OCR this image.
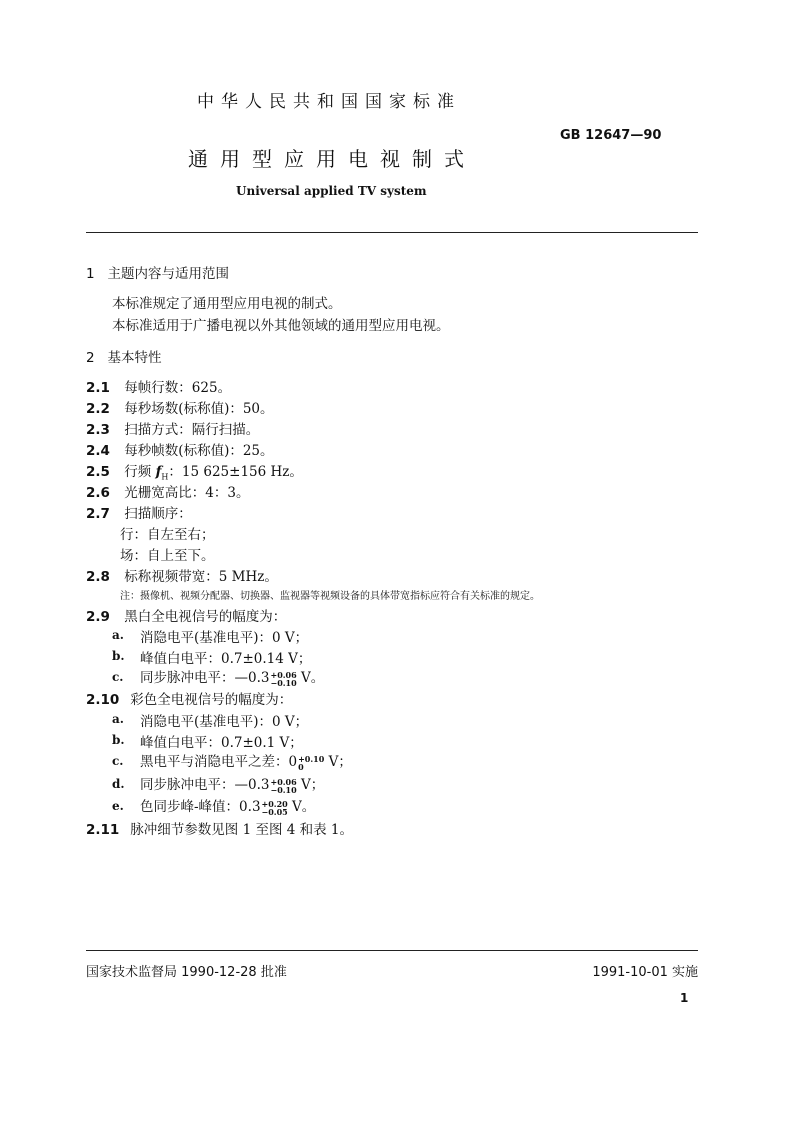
中华人民共和国国家标准
GB 12647—90
通用型应用电视制式
Universal applied TV system
1 主题内容与适用范围
本标准规定了通用型应用电视的制式。
本标准适用于广播电视以外其他领域的通用型应用电视。
2 基本特性
2.1 每帧行数：625。
2.2 每秒场数(标称值)：50。
2.3 扫描方式：隔行扫描。
2.4 每秒帧数(标称值)：25。
2.5 行频 $f_H$：15 625±156 Hz。
2.6 光栅宽高比：4：3。
2.7 扫描顺序：
行：自左至右；
场：自上至下。
2.8 标称视频带宽：5 MHz。
注：摄像机、视频分配器、切换器、监视器等视频设备的具体带宽指标应符合有关标准的规定。
2.9 黑白全电视信号的幅度为：
a. 消隐电平(基准电平)：0 V；
b. 峰值白电平：0.7±0.14 V；
c. 同步脉冲电平：—0.3 +0.06
−0.10 V。
2.10 彩色全电视信号的幅度为：
a. 消隐电平(基准电平)：0 V；
b. 峰值白电平：0.7±0.1 V；
c. 黑电平与消隐电平之差：0 +0.10
0	V；
d. 同步脉冲电平：—0.3 +0.06
−0.10 V；
e. 色同步峰-峰值：0.3 +0.20
−0.05 V。
2.11 脉冲细节参数见图 1 至图 4 和表 1。
国家技术监督局 1990-12-28 批准	1991-10-01 实施
1
